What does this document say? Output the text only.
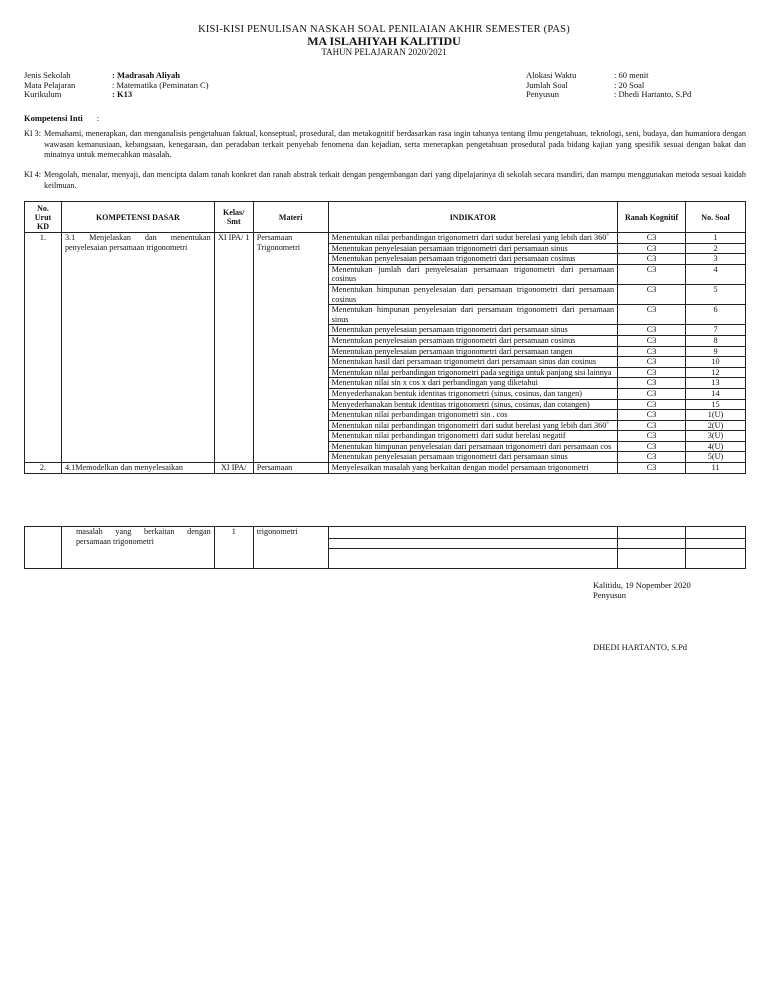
KISI-KISI PENULISAN NASKAH SOAL PENILAIAN AKHIR SEMESTER (PAS)
MA ISLAHIYAH KALITIDU
TAHUN PELAJARAN 2020/2021
Jenis Sekolah	: Madrasah Aliyah
Mata Pelajaran	: Matematika (Peminatan C)
Kurikulum	: K13
Alokasi Waktu	: 60 menit
Jumlah Soal	: 20 Soal
Penyusun	: Dhedi Hartanto, S.Pd
Kompetensi Inti :
KI 3: Memahami, menerapkan, dan menganalisis pengetahuan faktual, konseptual, prosedural, dan metakognitif berdasarkan rasa ingin tahunya tentang ilmu pengetahuan, teknologi, seni, budaya, dan humaniora dengan wawasan kemanusiaan, kebangsaan, kenegaraan, dan peradaban terkait penyebab fenomena dan kejadian, serta menerapkan pengetahuan prosedural pada bidang kajian yang spesifik sesuai dengan bakat dan minatnya untuk memecahkan masalah.
KI 4: Mengolah, menalar, menyaji, dan mencipta dalam ranah konkret dan ranah abstrak terkait dengan pengembangan dari yang dipelajarinya di sekolah secara mandiri, dan mampu menggunakan metoda sesuai kaidah keilmuan.
No. Urut KD	KOMPETENSI DASAR	Kelas/ Smt	Materi	INDIKATOR	Ranah Kognitif	No. Soal
1.	3.1 Menjelaskan dan menentukan penyelesaian persamaan trigonometri	XI IPA/ 1	Persamaan Trigonometri	Menentukan nilai perbandingan trigonometri dari sudut berelasi yang lebih dari 360˚	C3	1
				Menentukan penyelesaian persamaan trigonometri dari persamaan sinus	C3	2
				Menentukan penyelesaian persamaan trigonometri dari persamaan cosinus	C3	3
				Menentukan jumlah dari penyelesaian persamaan trigonometri dari persamaan cosinus	C3	4
				Menentukan himpunan penyelesaian dari persamaan trigonometri dari persamaan cosinus	C3	5
				Menentukan himpunan penyelesaian dari persamaan trigonometri dari persamaan sinus	C3	6
				Menentukan penyelesaian persamaan trigonometri dari persamaan sinus	C3	7
				Menentukan penyelesaian persamaan trigonometri dari persamaan cosinus	C3	8
				Menentukan penyelesaian persamaan trigonometri dari persamaan tangen	C3	9
				Menentukan hasil dari persamaan trigonometri dari persamaan sinus dan cosinus	C3	10
				Menentukan nilai perbandingan trigonometri pada segitiga untuk panjang sisi lainnya	C3	12
				Menentukan nilai sin x cos x dari perbandingan yang diketahui	C3	13
				Menyederhanakan bentuk identitas trigonometri (sinus, cosinus, dan tangen)	C3	14
				Menyederhanakan bentuk identitas trigonometri (sinus, cosinus, dan cotangen)	C3	15
				Menentukan nilai perbandingan trigonometri sin . cos	C3	1(U)
				Menentukan nilai perbandingan trigonometri dari sudut berelasi yang lebih dari 360˚	C3	2(U)
				Menentukan nilai perbandingan trigonometri dari sudut berelasi negatif	C3	3(U)
				Menentukan himpunan penyelesaian dari persamaan trigonometri dari persamaan cos	C3	4(U)
				Menentukan penyelesaian persamaan trigonometri dari persamaan sinus	C3	5(U)
2.	4.1Memodelkan dan menyelesaikan	XI IPA/	Persamaan	Menyelesaikan masalah yang berkaitan dengan model persamaan trigonometri	C3	11
	masalah yang berkaitan dengan persamaan trigonometri	1	trigonometri			

Kalitidu, 19 Nopember 2020
Penyusun
DHEDI HARTANTO, S.Pd
